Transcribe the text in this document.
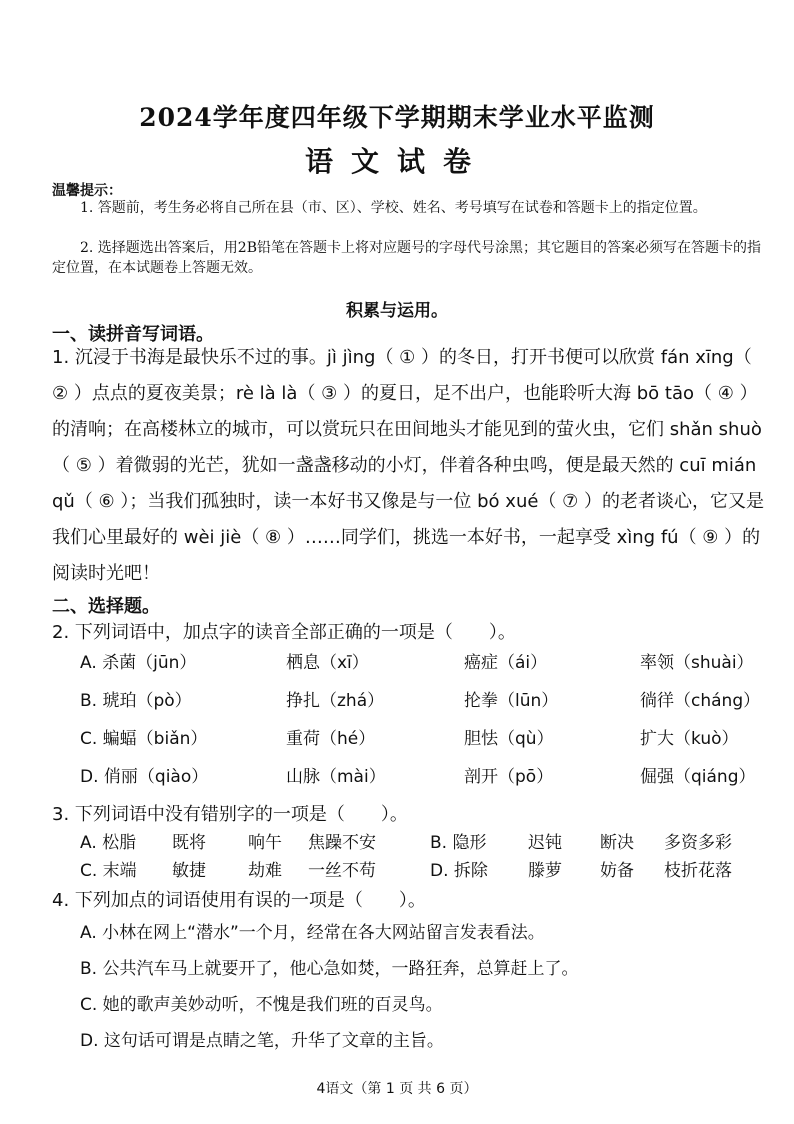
2024学年度四年级下学期期末学业水平监测
语文试卷
温馨提示：
1. 答题前，考生务必将自己所在县（市、区）、学校、姓名、考号填写在试卷和答题卡上的指定位置。
2. 选择题选出答案后，用2B铅笔在答题卡上将对应题号的字母代号涂黑；其它题目的答案必须写在答题卡的指定位置，在本试题卷上答题无效。
积累与运用。
一、读拼音写词语。
1. 沉浸于书海是最快乐不过的事。jì jìng（ ① ）的冬日，打开书便可以欣赏 fán xīng（ ② ）点点的夏夜美景；rè là là（ ③ ）的夏日，足不出户，也能聆听大海 bō tāo（ ④ ）的清响；在高楼林立的城市，可以赏玩只在田间地头才能见到的萤火虫，它们 shǎn shuò（ ⑤ ）着微弱的光芒，犹如一盏盏移动的小灯，伴着各种虫鸣，便是最天然的 cuī mián qǔ（ ⑥ ）；当我们孤独时，读一本好书又像是与一位 bó xué（ ⑦ ）的老者谈心，它又是我们心里最好的 wèi jiè（ ⑧ ）……同学们，挑选一本好书，一起享受 xìng fú（ ⑨ ）的阅读时光吧！
二、选择题。
2. 下列词语中，加点字的读音全部正确的一项是（　　）。
A. 杀菌（jūn）	栖息（xī）	癌症（ái）	率领（shuài）
B. 琥珀（pò）	挣扎（zhá）	抡拳（lūn）	徜徉（cháng）
C. 蝙蝠（biǎn）	重荷（hé）	胆怯（qù）	扩大（kuò）
D. 俏丽（qiào）	山脉（mài）	剖开（pō）	倔强（qiáng）
3. 下列词语中没有错别字的一项是（　　）。
A. 松脂	既将	响午	焦躁不安	B. 隐形	迟钝	断决	多资多彩
C. 末端	敏捷	劫难	一丝不苟	D. 拆除	滕萝	妨备	枝折花落
4. 下列加点的词语使用有误的一项是（　　）。
A. 小林在网上“潜水”一个月，经常在各大网站留言发表看法。
B. 公共汽车马上就要开了，他心急如焚，一路狂奔，总算赶上了。
C. 她的歌声美妙动听，不愧是我们班的百灵鸟。
D. 这句话可谓是点睛之笔，升华了文章的主旨。
4语文（第 1 页 共 6 页）
